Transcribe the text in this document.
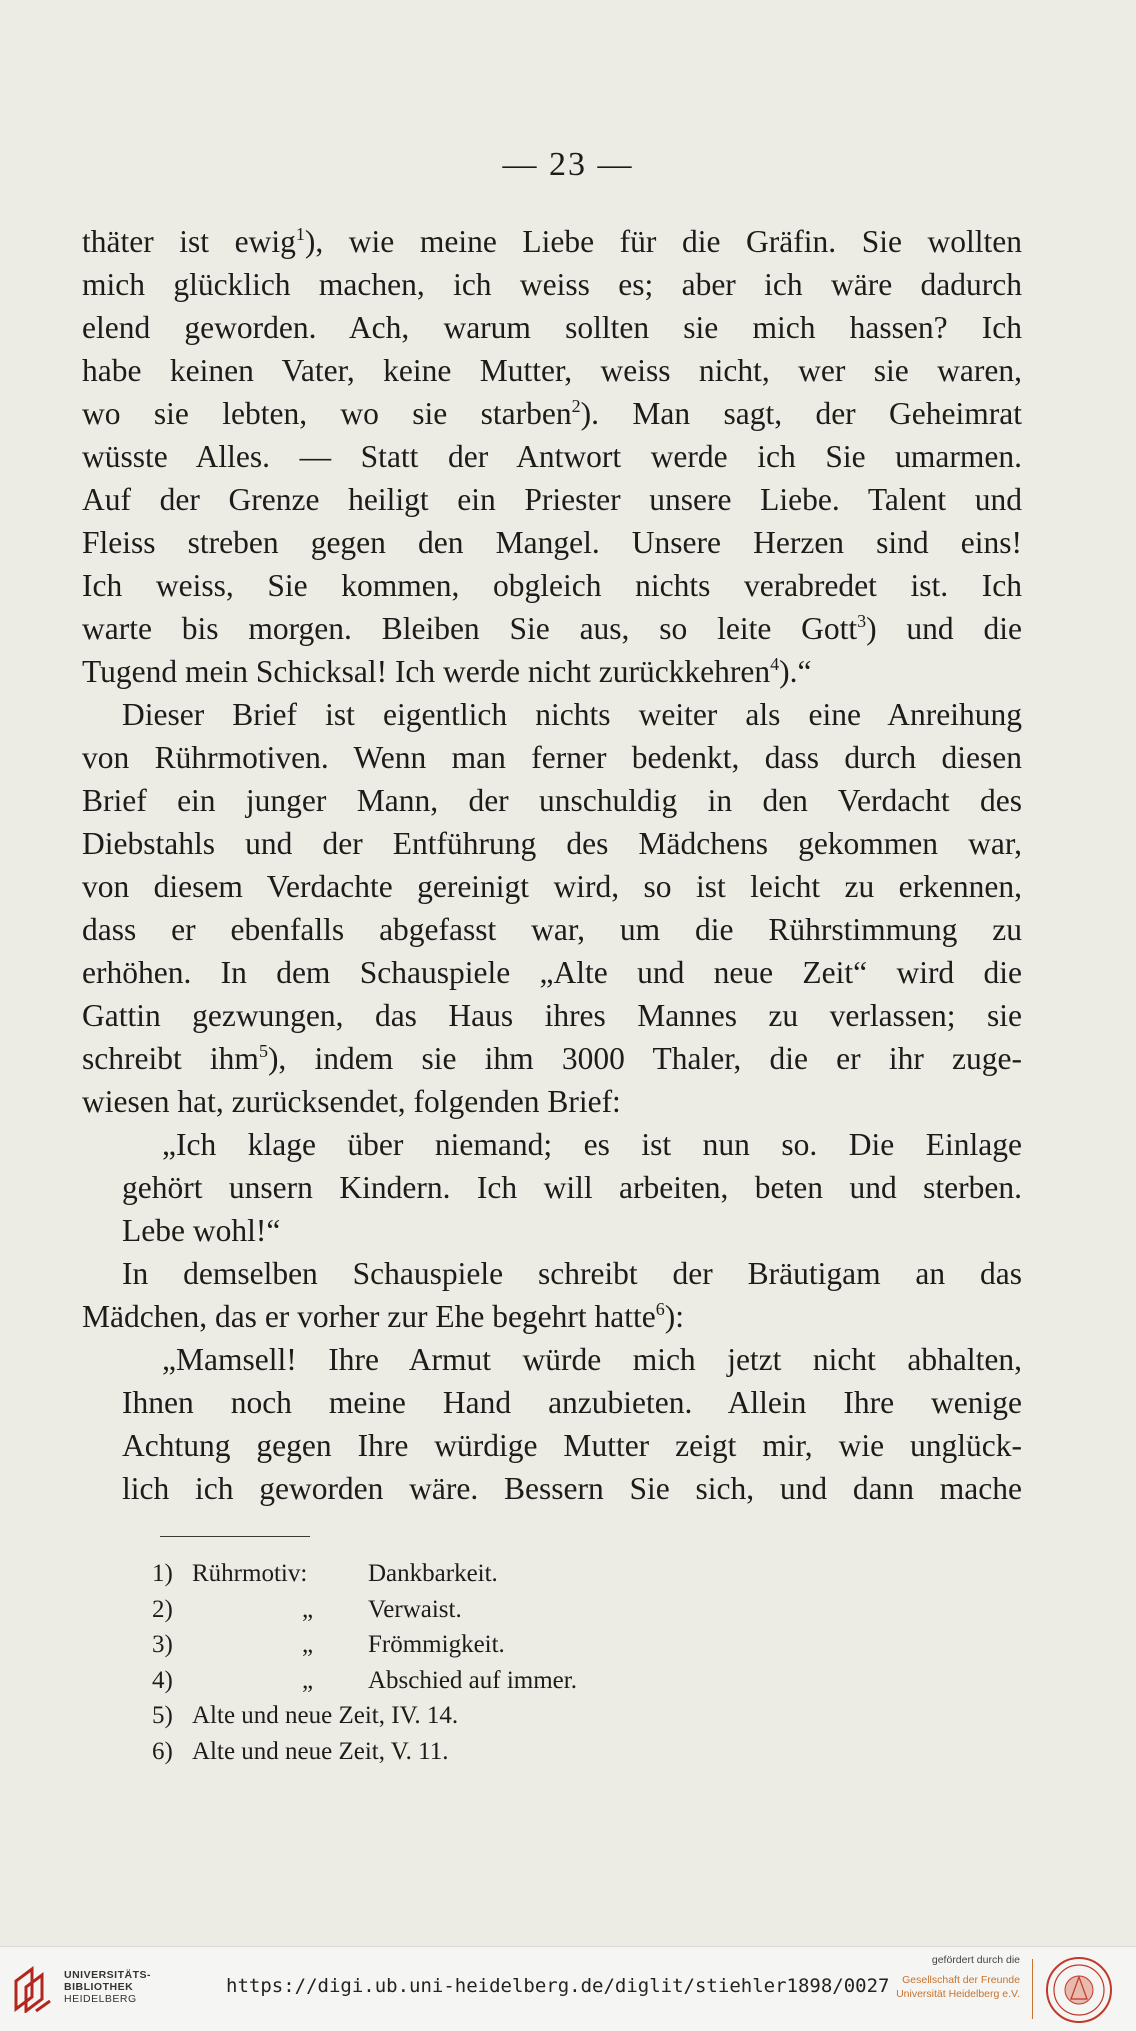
— 23 —
thäter ist ewig$^1$), wie meine Liebe für die Gräfin. Sie wollten
mich glücklich machen, ich weiss es; aber ich wäre dadurch
elend geworden. Ach, warum sollten sie mich hassen? Ich
habe keinen Vater, keine Mutter, weiss nicht, wer sie waren,
wo sie lebten, wo sie starben$^2$). Man sagt, der Geheimrat
wüsste Alles. — Statt der Antwort werde ich Sie umarmen.
Auf der Grenze heiligt ein Priester unsere Liebe. Talent und
Fleiss streben gegen den Mangel. Unsere Herzen sind eins!
Ich weiss, Sie kommen, obgleich nichts verabredet ist. Ich
warte bis morgen. Bleiben Sie aus, so leite Gott$^3$) und die
Tugend mein Schicksal! Ich werde nicht zurückkehren$^4$).“
Dieser Brief ist eigentlich nichts weiter als eine Anreihung
von Rührmotiven. Wenn man ferner bedenkt, dass durch diesen
Brief ein junger Mann, der unschuldig in den Verdacht des
Diebstahls und der Entführung des Mädchens gekommen war,
von diesem Verdachte gereinigt wird, so ist leicht zu erkennen,
dass er ebenfalls abgefasst war, um die Rührstimmung zu
erhöhen. In dem Schauspiele „Alte und neue Zeit“ wird die
Gattin gezwungen, das Haus ihres Mannes zu verlassen; sie
schreibt ihm$^5$), indem sie ihm 3000 Thaler, die er ihr zuge-
wiesen hat, zurücksendet, folgenden Brief:
„Ich klage über niemand; es ist nun so. Die Einlage
gehört unsern Kindern. Ich will arbeiten, beten und sterben.
Lebe wohl!“
In demselben Schauspiele schreibt der Bräutigam an das
Mädchen, das er vorher zur Ehe begehrt hatte$^6$):
„Mamsell! Ihre Armut würde mich jetzt nicht abhalten,
Ihnen noch meine Hand anzubieten. Allein Ihre wenige
Achtung gegen Ihre würdige Mutter zeigt mir, wie unglück-
lich ich geworden wäre. Bessern Sie sich, und dann mache
1) Rührmotiv:	Dankbarkeit.
2)	„	Verwaist.
3)	„	Frömmigkeit.
4)	„	Abschied auf immer.
5) Alte und neue Zeit, IV. 14.
6) Alte und neue Zeit, V. 11.
UNIVERSITÄTS-
BIBLIOTHEK
HEIDELBERG
https://digi.ub.uni-heidelberg.de/diglit/stiehler1898/0027
gefördert durch die
Gesellschaft der Freunde
Universität Heidelberg e.V.
